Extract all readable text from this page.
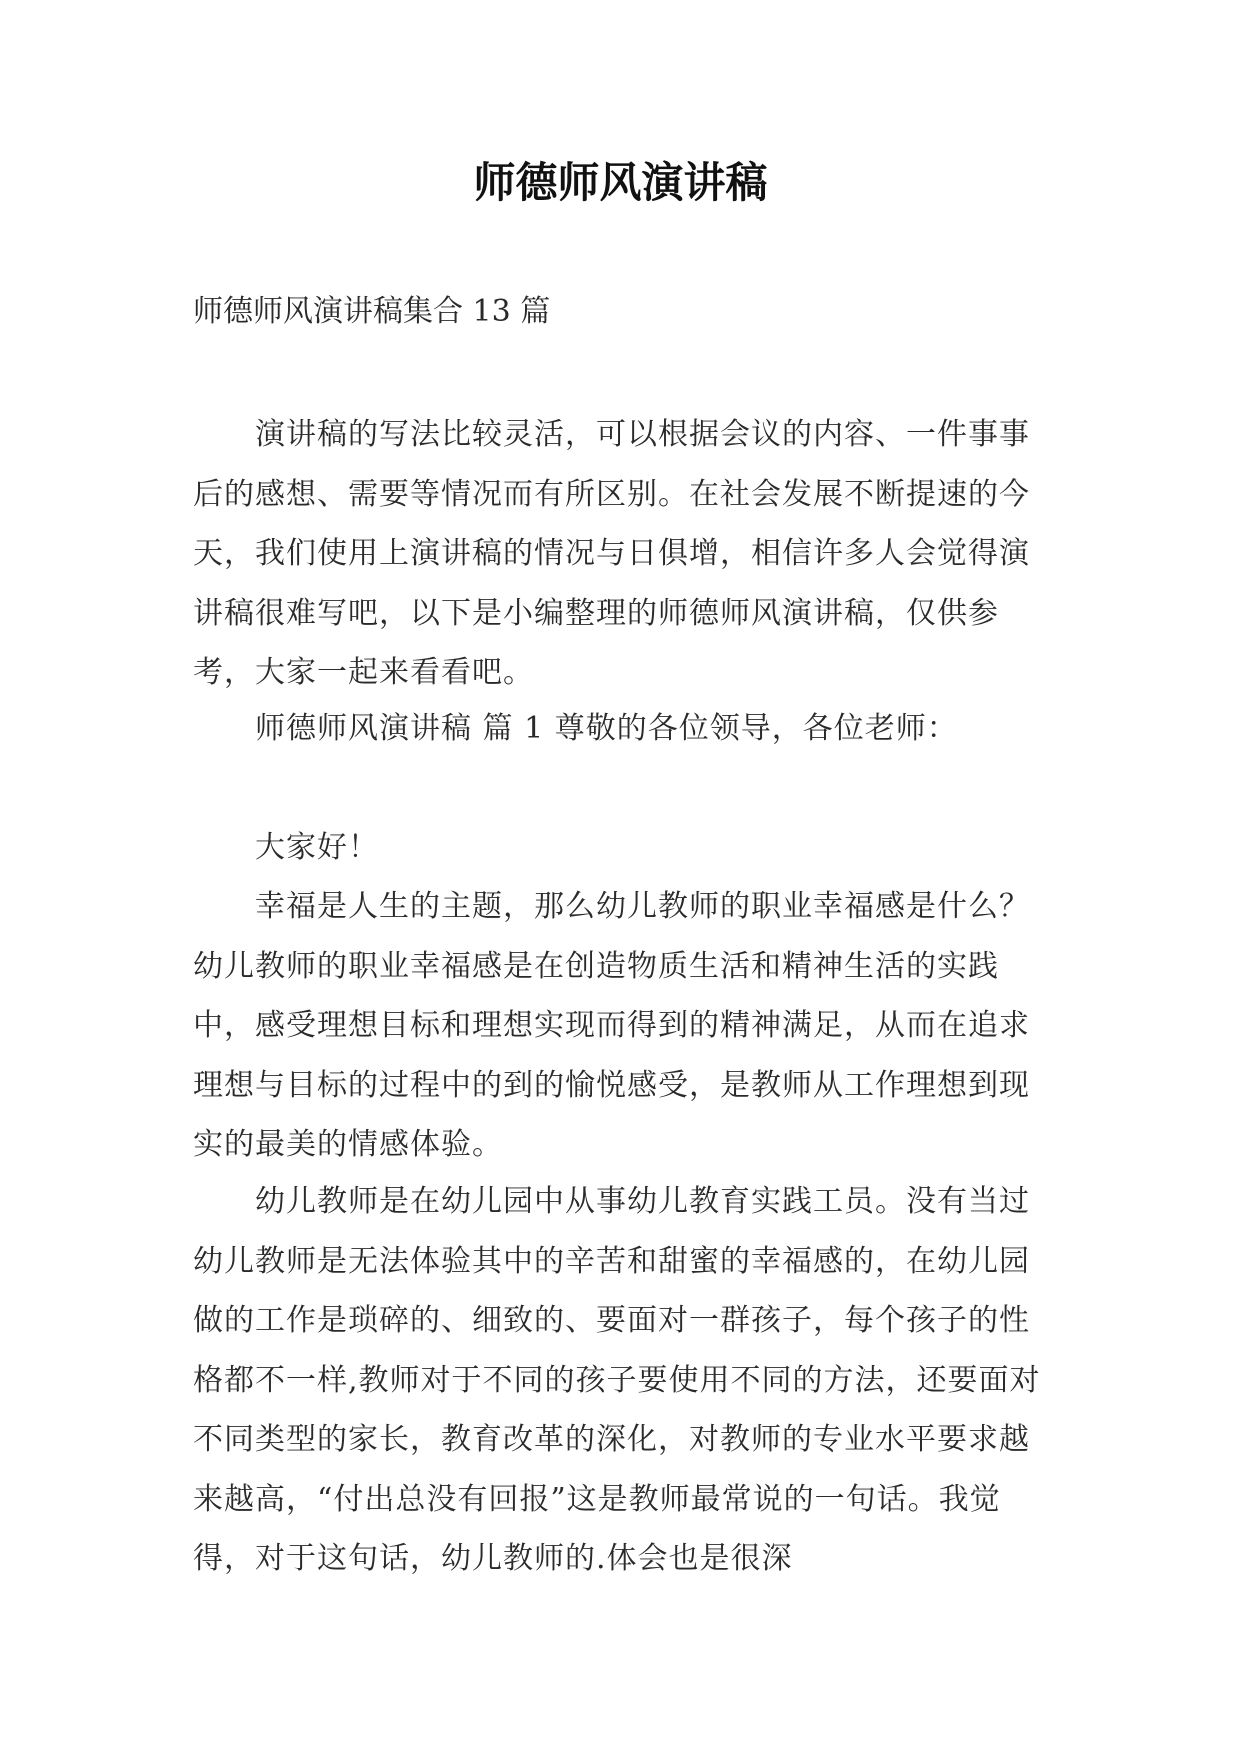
师德师风演讲稿

师德师风演讲稿集合 13 篇

演讲稿的写法比较灵活，可以根据会议的内容、一件事事后的感想、需要等情况而有所区别。在社会发展不断提速的今天，我们使用上演讲稿的情况与日俱增，相信许多人会觉得演讲稿很难写吧，以下是小编整理的师德师风演讲稿，仅供参考，大家一起来看看吧。

师德师风演讲稿 篇 1 尊敬的各位领导，各位老师：

大家好！

幸福是人生的主题，那么幼儿教师的职业幸福感是什么？幼儿教师的职业幸福感是在创造物质生活和精神生活的实践中，感受理想目标和理想实现而得到的精神满足，从而在追求理想与目标的过程中的到的愉悦感受，是教师从工作理想到现实的最美的情感体验。

幼儿教师是在幼儿园中从事幼儿教育实践工员。没有当过幼儿教师是无法体验其中的辛苦和甜蜜的幸福感的，在幼儿园做的工作是琐碎的、细致的、要面对一群孩子，每个孩子的性格都不一样,教师对于不同的孩子要使用不同的方法，还要面对不同类型的家长，教育改革的深化，对教师的专业水平要求越来越高，“付出总没有回报”这是教师最常说的一句话。我觉得，对于这句话，幼儿教师的.体会也是很深
